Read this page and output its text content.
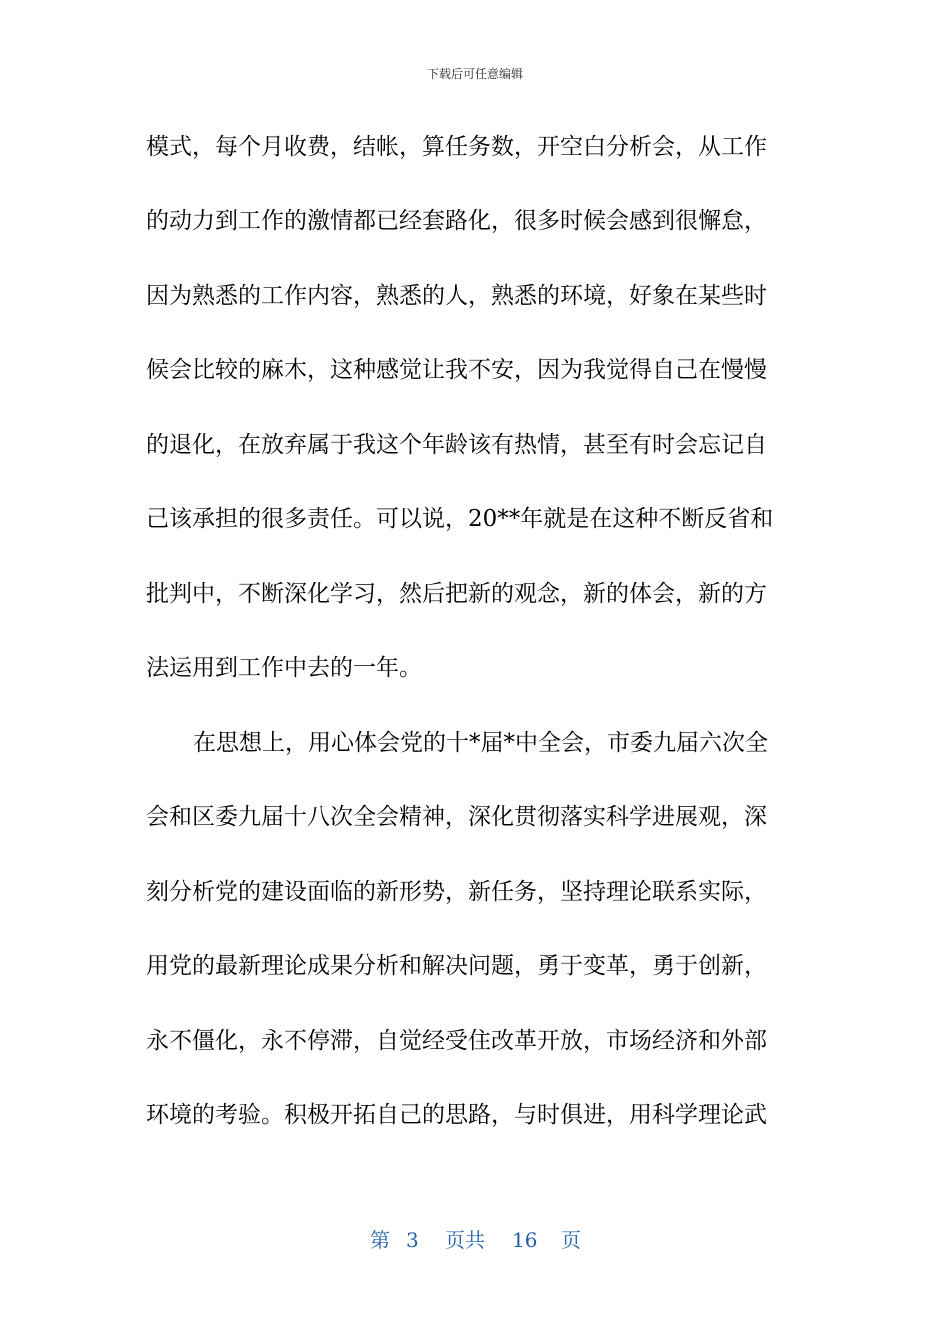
下载后可任意编辑
模式，每个月收费，结帐，算任务数，开空白分析会，从工作
的动力到工作的激情都已经套路化，很多时候会感到很懈怠，
因为熟悉的工作内容，熟悉的人，熟悉的环境，好象在某些时
候会比较的麻木，这种感觉让我不安，因为我觉得自己在慢慢
的退化，在放弃属于我这个年龄该有热情，甚至有时会忘记自
己该承担的很多责任。可以说，20**年就是在这种不断反省和
批判中，不断深化学习，然后把新的观念，新的体会，新的方
法运用到工作中去的一年。
在思想上，用心体会党的十*届*中全会，市委九届六次全
会和区委九届十八次全会精神，深化贯彻落实科学进展观，深
刻分析党的建设面临的新形势，新任务，坚持理论联系实际，
用党的最新理论成果分析和解决问题，勇于变革，勇于创新，
永不僵化，永不停滞，自觉经受住改革开放，市场经济和外部
环境的考验。积极开拓自己的思路，与时俱进，用科学理论武
第 3 页共 16 页
